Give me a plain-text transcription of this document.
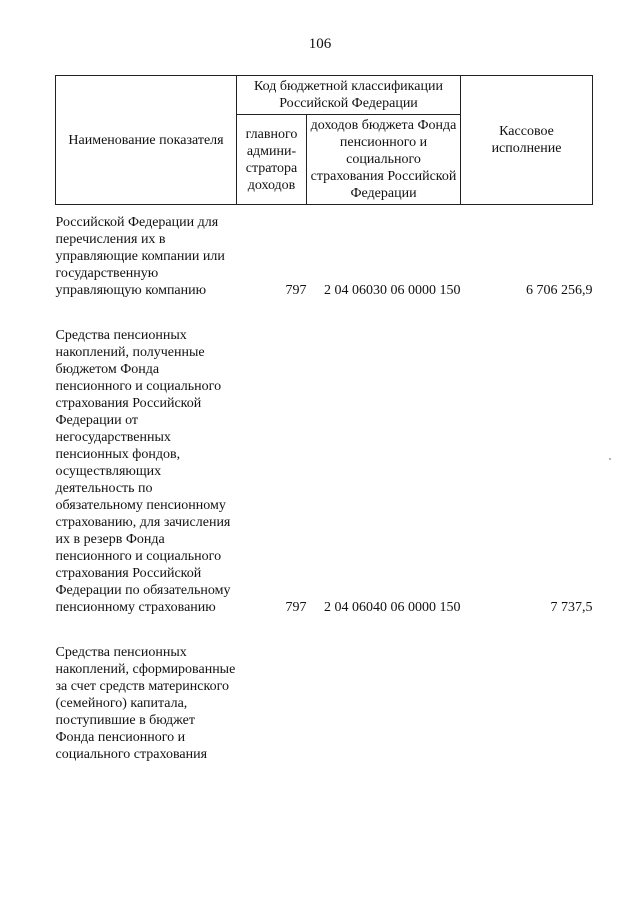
106
Наименование показателя	Код бюджетной классификации Российской Федерации		Кассовое исполнение
	главного админи-стратора доходов	доходов бюджета Фонда пенсионного и социального страхования Российской Федерации	
Российской Федерации для перечисления их в управляющие компании или государственную управляющую компанию	797	2 04 06030 06 0000 150	6 706 256,9

Средства пенсионных накоплений, полученные бюджетом Фонда пенсионного и социального страхования Российской Федерации от негосударственных пенсионных фондов, осуществляющих деятельность по обязательному пенсионному страхованию, для зачисления их в резерв Фонда пенсионного и социального страхования Российской Федерации по обязательному пенсионному страхованию	797	2 04 06040 06 0000 150	7 737,5

Средства пенсионных накоплений, сформированные за счет средств материнского (семейного) капитала, поступившие в бюджет Фонда пенсионного и социального страхования			
